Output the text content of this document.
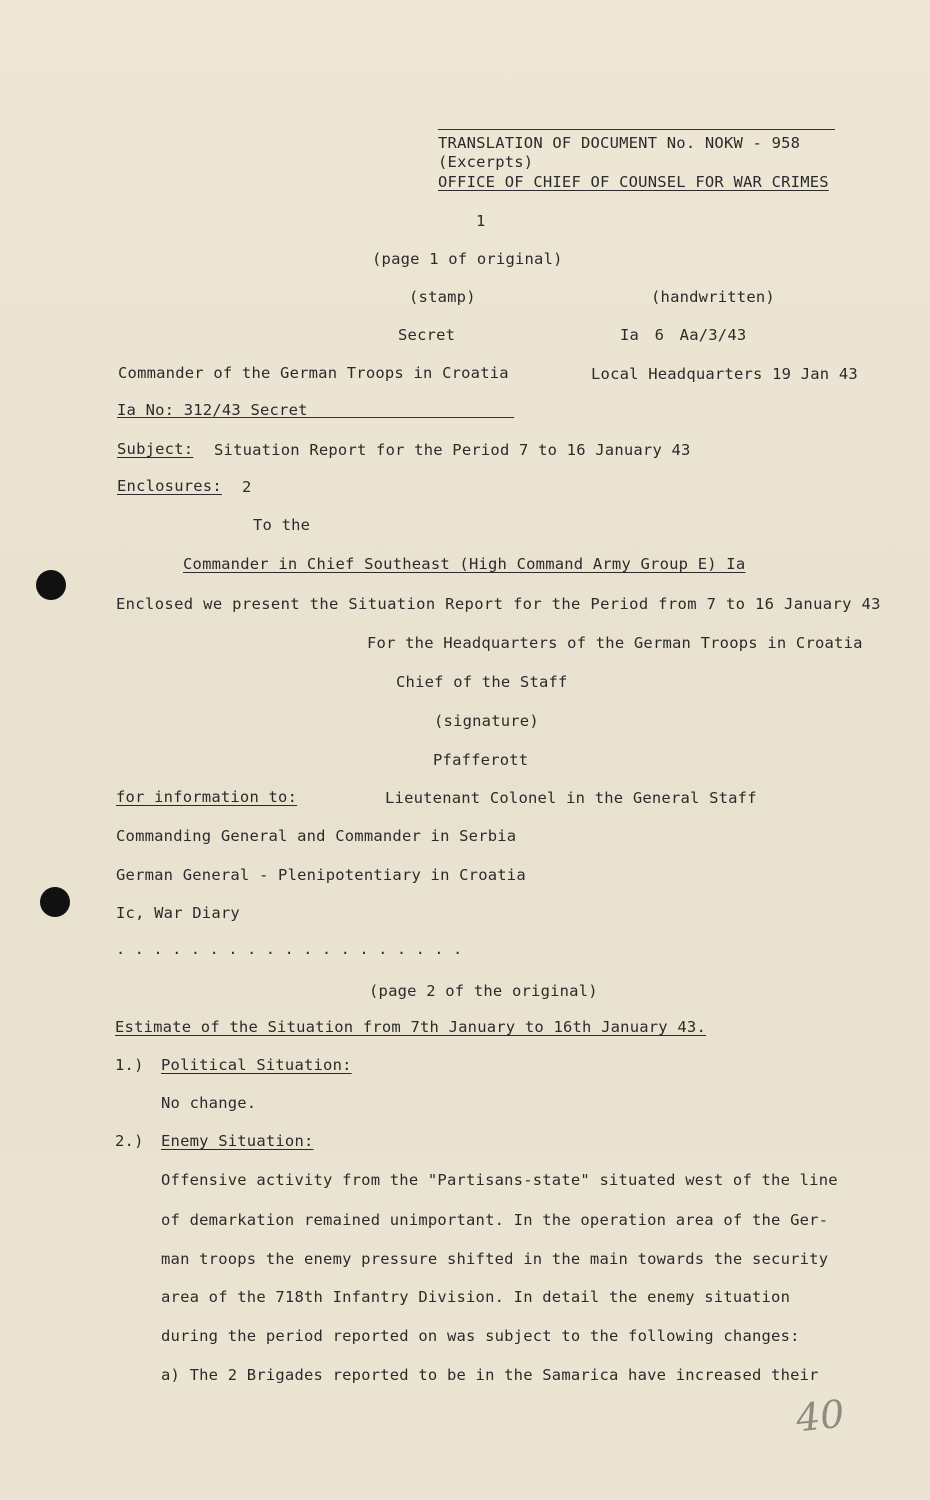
TRANSLATION OF DOCUMENT No. NOKW - 958
(Excerpts)
OFFICE OF CHIEF OF COUNSEL FOR WAR CRIMES
1
(page 1 of original)
(stamp)	(handwritten)
Secret	Ia 6 Aa/3/43
Commander of the German Troops in Croatia	Local Headquarters 19 Jan 43
Ia No: 312/43 Secret
Subject: Situation Report for the Period 7 to 16 January 43
Enclosures: 2
To the
Commander in Chief Southeast (High Command Army Group E) Ia
Enclosed we present the Situation Report for the Period from 7 to 16 January 43
For the Headquarters of the German Troops in Croatia
Chief of the Staff
(signature)
Pfafferott
for information to:	Lieutenant Colonel in the General Staff
Commanding General and Commander in Serbia
German General - Plenipotentiary in Croatia
Ic, War Diary
...................
(page 2 of the original)
Estimate of the Situation from 7th January to 16th January 43.
1.) Political Situation:
No change.
2.) Enemy Situation:
Offensive activity from the "Partisans-state" situated west of the line
of demarkation remained unimportant. In the operation area of the Ger-
man troops the enemy pressure shifted in the main towards the security
area of the 718th Infantry Division. In detail the enemy situation
during the period reported on was subject to the following changes:
a) The 2 Brigades reported to be in the Samarica have increased their
40
